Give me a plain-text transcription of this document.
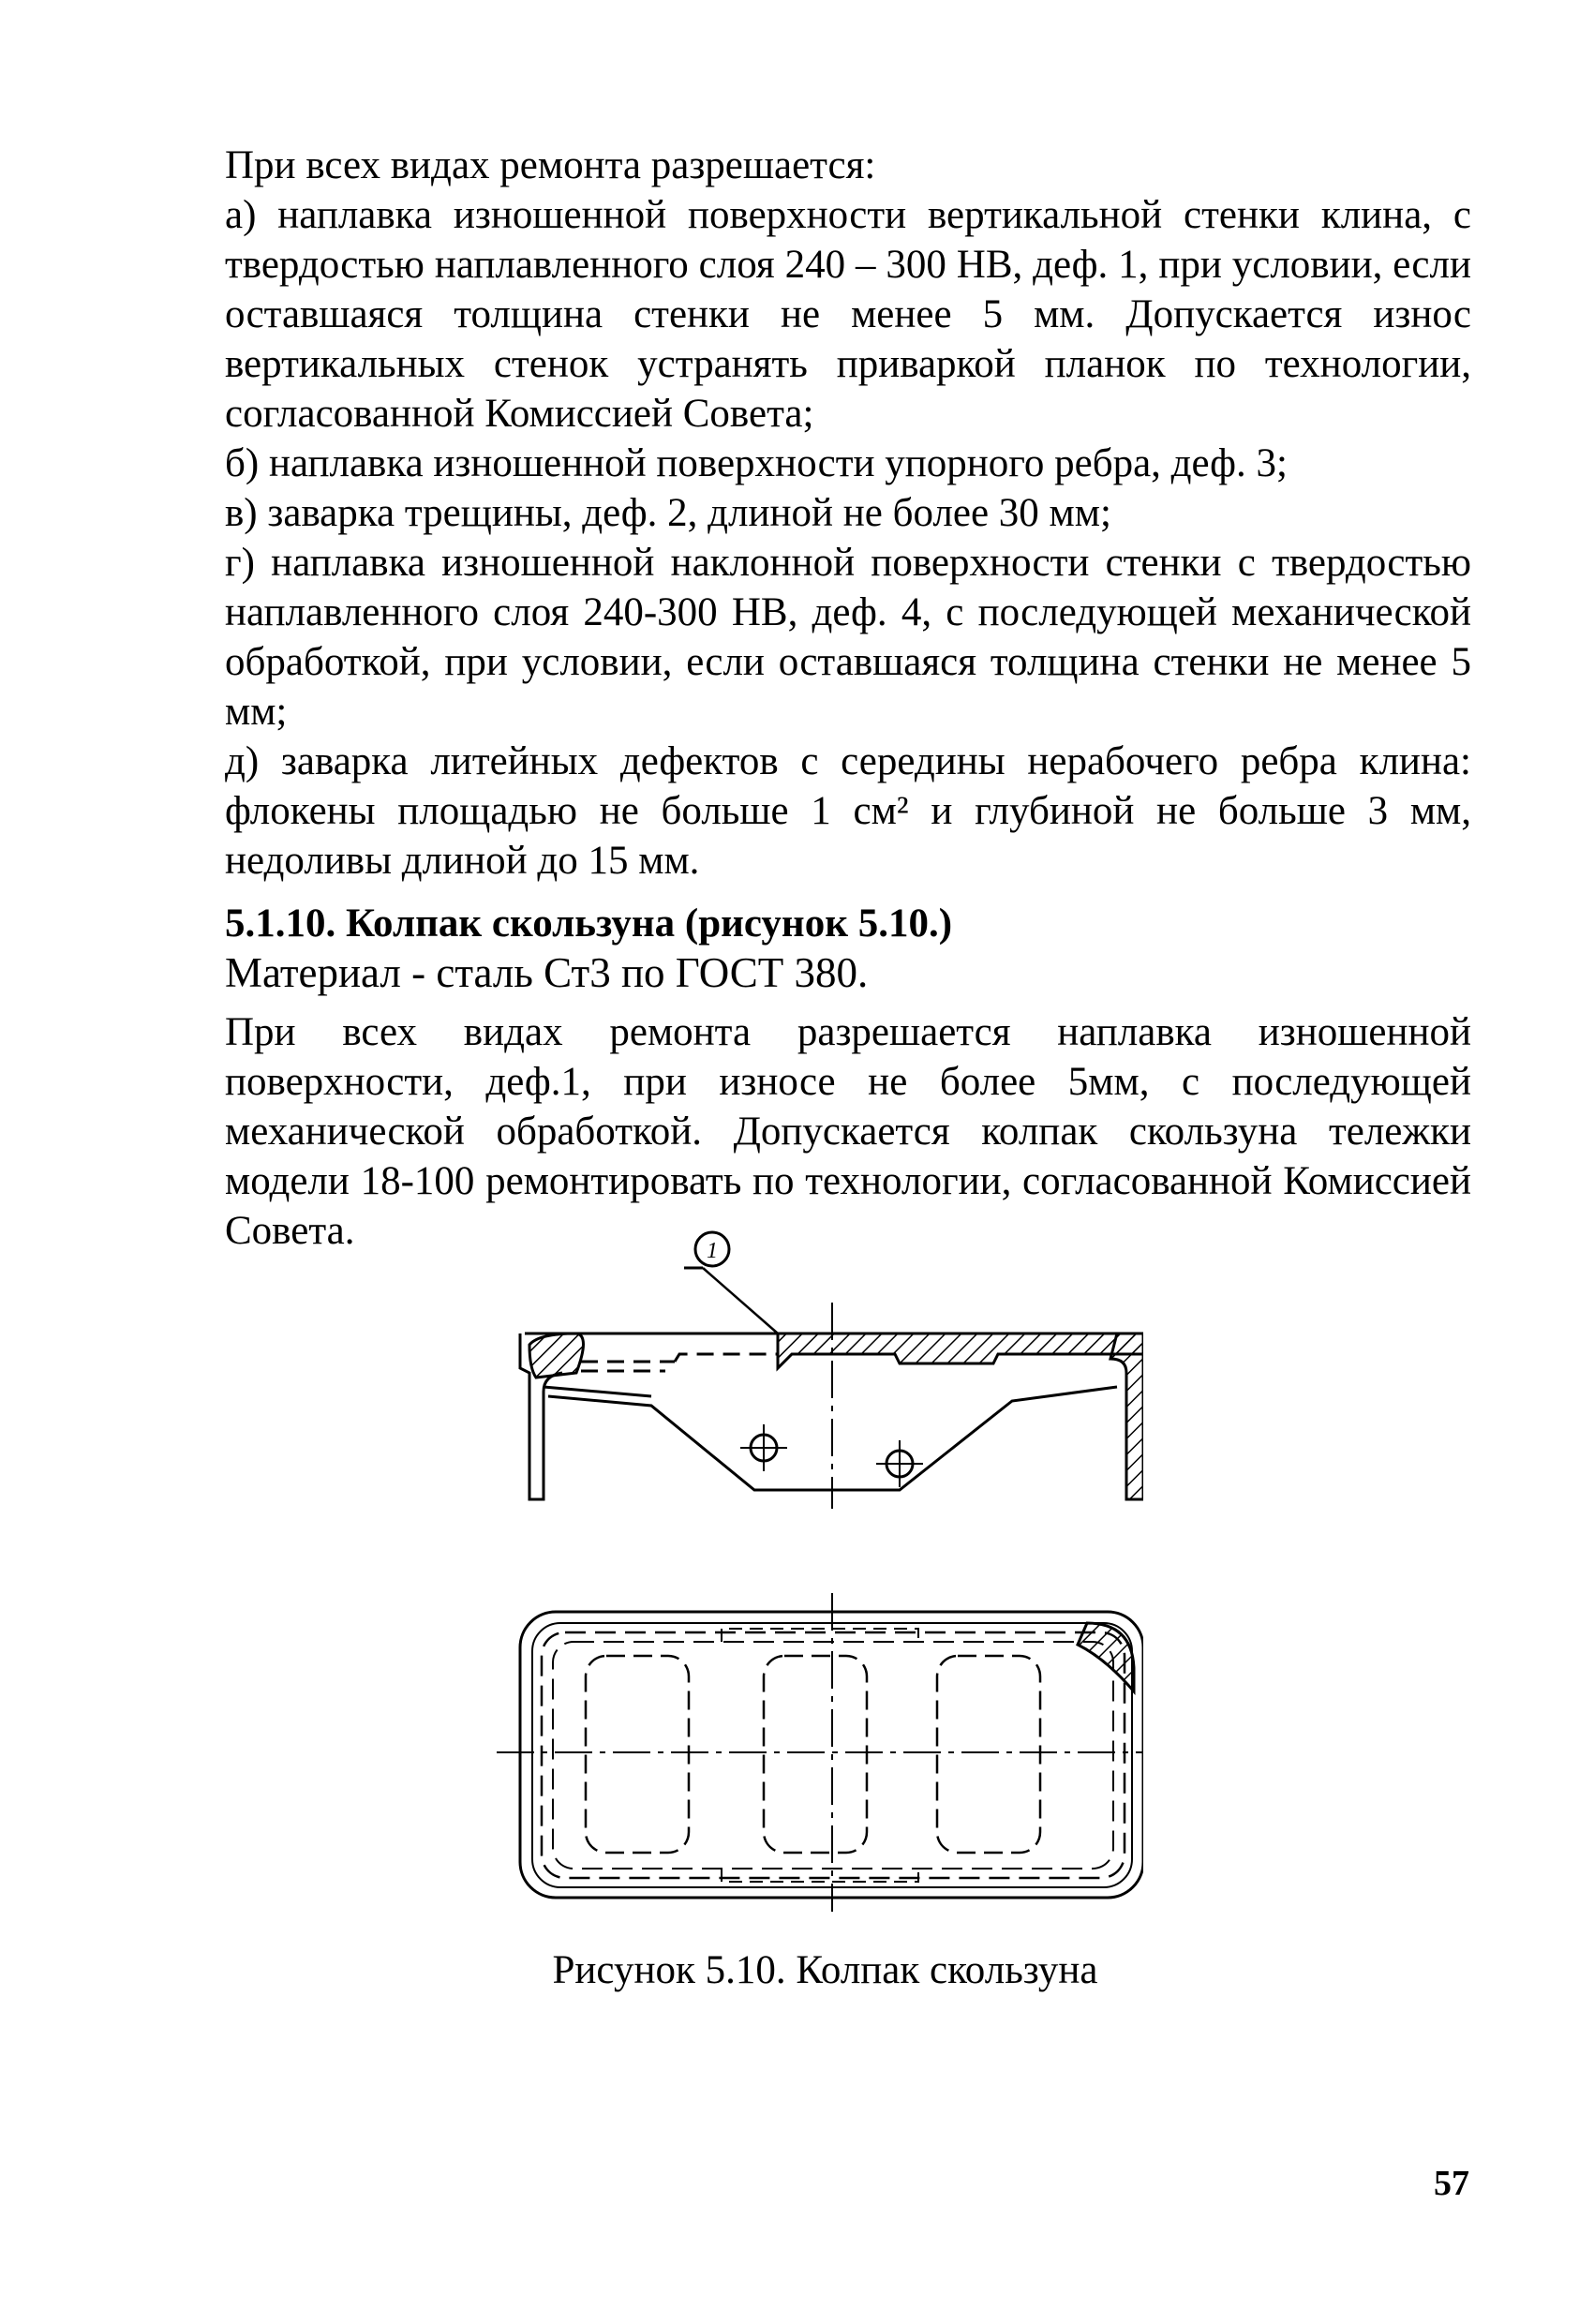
При всех видах ремонта разрешается:

а) наплавка изношенной поверхности вертикальной стенки клина, с твердостью наплавленного слоя 240 – 300 НВ, деф. 1, при условии, если оставшаяся толщина стенки не менее 5 мм. Допускается износ вертикальных стенок устранять приваркой планок по технологии, согласованной Комиссией Совета;

б) наплавка изношенной поверхности упорного ребра, деф. 3;

в) заварка трещины, деф. 2, длиной не более 30 мм;

г) наплавка изношенной наклонной поверхности стенки с твердостью наплавленного слоя 240-300 НВ, деф. 4, с последующей механической обработкой, при условии, если оставшаяся толщина стенки не менее 5 мм;

д) заварка литейных дефектов с середины нерабочего ребра клина: флокены площадью не больше 1 см² и глубиной не больше 3 мм, недоливы длиной до 15 мм.

5.1.10. Колпак скользуна (рисунок 5.10.)

Материал - сталь Ст3 по ГОСТ 380.

При всех видах ремонта разрешается наплавка изношенной поверхности, деф.1, при износе не более 5мм, с последующей механической обработкой. Допускается колпак скользуна тележки модели 18-100 ремонтировать по технологии, согласованной Комиссией Совета.	1
Рисунок 5.10. Колпак скользуна
57
